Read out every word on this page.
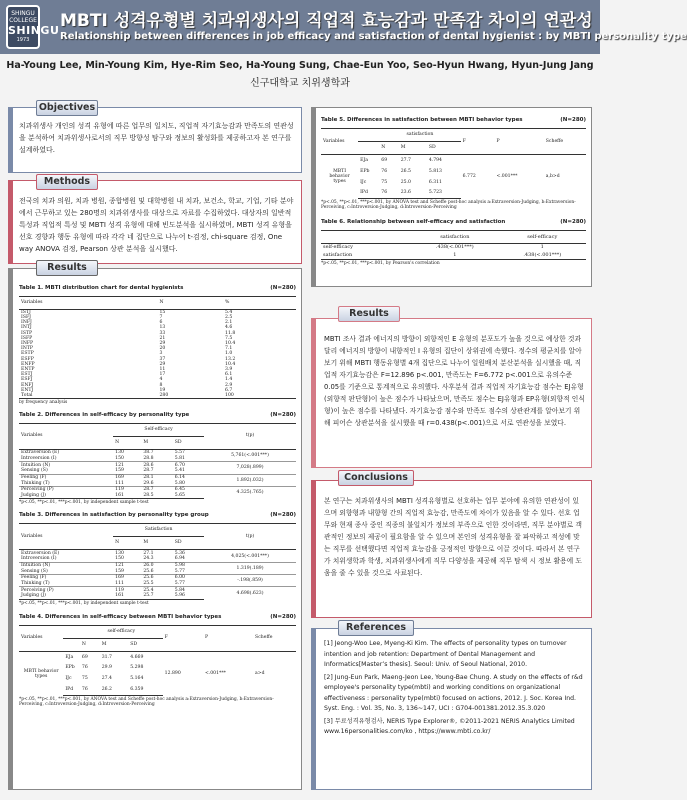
SHINGU COLLEGE
SHINGU
1973
MBTI 성격유형별 치과위생사의 직업적 효능감과 만족감 차이의 연관성
Relationship between differences in job efficacy and satisfaction of dental hygienist : by MBTI personality type
Ha-Young Lee, Min-Young Kim, Hye-Rim Seo, Ha-Young Sung, Chae-Eun Yoo, Seo-Hyun Hwang, Hyun-Jung Jang
신구대학교 치위생학과
치과위생사 개인의 성격 유형에 따른 업무의 일치도, 직업적 자기효능감과 만족도의 연관성을 분석하여 치과위생사로서의 직무 방향성 탐구와 정보의 활성화를 제공하고자 본 연구를 설계하였다.
Objectives
전국의 치과 의원, 치과 병원, 종합병원 및 대학병원 내 치과, 보건소, 학교, 기업, 기타 분야에서 근무하고 있는 280명의 치과위생사를 대상으로 자료를 수집하였다. 대상자의 일반적 특성과 직업적 특성 및 MBTI 성격 유형에 대해 빈도분석을 실시하였며, MBTI 성격 유형을 선호 경향과 행동 유형에 따라 각각 네 집단으로 나누어 t-검정, chi-square 검정, One way ANOVA 검정, Pearson 상관 분석을 실시했다.
Methods
Table 1. MBTI distribution chart for dental hygienists	(N=280)
Variables	N	%
ISTJ	15	5.4
ISFJ	7	2.5
INFJ	6	2.1
INTJ	13	4.6
ISTP	33	11.8
ISFP	21	7.5
INFP	29	10.4
INTP	20	7.1
ESTP	3	1.0
ESFP	37	13.2
ENFP	29	10.4
ENTP	11	3.9
ESTJ	17	6.1
ESFJ	4	1.4
ENFJ	8	2.9
ENTJ	19	6.7
Total	280	100
by frequency analysis
Table 2. Differences in self-efficacy by personality type	(N=280)
Variables	Self-efficacy			t(p)
	N	M	SD	
Extraversion (E)	130	38.7	5.57	5,761(<.001***)
Introversion (I)	150	28.8	5.81	
Intuition (N)	121	28.6	6.70	7,028(.899)
Sensing (S)	159	28.7	5.41	
Feeling (F)	169	28.1	6.14	1.892(.032)
Thinking (T)	111	29.6	5.80	
Perceiving (P)	119	28.7	6.45	4.325(.765)
Judging (J)	161	28.5	5.65	
*p<.05, **p<.01, ***p<.001, by independent sample t-test
Table 3. Differences in satisfaction by personality type group	(N=280)
Variables	Satisfaction			t(p)
	N	M	SD	
Extraversion (E)	130	27.1	5.36	4,025(<.001***)
Introversion (I)	150	24.3	6.94	
Intuition (N)	121	26.0	5.98	1.319(.189)
Sensing (S)	159	25.6	5.77	
Feeling (F)	169	25.6	6.00	-.198(.859)
Thinking (T)	111	25.5	5.77	
Perceiving (P)	119	25.4	5.84	4.698(.623)
Judging (J)	161	25.7	5.96	
*p<.05, **p<.01, ***p<.001, by independent sample t-test
Table 4. Differences in self-efficacy between MBTI behavior types	(N=280)
Variables		self-efficacy			F	P	Scheffe
		N	M	SD			
MBTI behavior types	EJa	69	31.7	4.669	12.890	<.001***	a>d
	EPb	76	29.9	5.298			
	IJc	75	27.4	5.164			
	IPd	76	26.2	6.359			
*p<.05, **p<.01, ***p<.001, by ANOVA test and Scheffe post-hoc analysis a:Extraversion-Judging, b:Extraversion-Perceiving, c:Introversion-Judging, d:Introversion-Perceiving
Results
Table 5. Differences in satisfaction between MBTI behavior types	(N=280)
Variables		satisfaction			F	P	Scheffe
		N	M	SD			
MBTI behavior types	EJa	69	27.7	4.794	6.772	<.001***	a,b>d
	EPb	76	26.5	5.813			
	IJc	75	25.0	6.311			
	IPd	76	23.6	5.723			
*p<.05, **p<.01, ***p<.001, by ANOVA test and Scheffe post-hoc analysis a:Extraversion-Judging, b:Extraversion-Perceiving, c:Introversion-Judging, d:Introversion-Perceiving
Table 6. Relationship between self-efficacy and satisfaction	(N=280)
	satisfaction	self-efficacy
self-efficacy	.438(<.001***)	1
satisfaction	1	.438(<.001***)
*p<.05, **p<.01, ***p<.001, by Pearson's correlation
MBTI 조사 결과 에너지의 방향이 외향적인 E 유형의 분포도가 높을 것으로 예상한 것과 달리 에너지의 방향이 내향적인 I 유형의 집단이 상위권에 속했다. 정수의 평균치를 알아보기 위해 MBTI 행동유형별 4개 집단으로 나누어 일원배치 분산분석을 실시했을 때, 직업적 자기효능감은 F=12.896 p<.001, 만족도는 F=6.772 p<.001으로 유의수준 0.05를 기준으로 통계적으로 유의했다. 사후분석 결과 직업적 자기효능감 점수는 EJ유형(외향적 판단형)이 높은 점수가 나타났으며, 만족도 점수는 EJ유형과 EP유형(외향적 인식형)이 높은 점수를 나타냈다. 자기효능감 점수와 만족도 점수의 상관관계를 알아보기 위해 피어슨 상관분석을 실시했을 때 r=0.438(p<.001)으로 서로 연관성을 보였다.
Results
본 연구는 치과위생사의 MBTI 성격유형별로 선호하는 업무 분야에 유의한 연관성이 있으며 외향형과 내향형 간의 직업적 효능감, 만족도에 차이가 있음을 알 수 있다. 선호 업무와 현재 종사 중인 직종의 불일치가 정보의 부족으로 인한 것이라면, 직무 분야별로 객관적인 정보의 제공이 필요함을 알 수 있으며 본인의 성격유형을 잘 파악하고 적성에 맞는 직무를 선택했다면 직업적 효능감을 긍정적인 방향으로 이끌 것이다. 따라서 본 연구가 치위생학과 학생, 치과위생사에게 직무 다양성을 제공해 직무 탐색 시 정보 활용에 도움을 줄 수 있을 것으로 사료된다.
Conclusions
[1] Jeong-Woo Lee, Myeng-Ki Kim. The effects of personality types on turnover intention and job retention: Department of Dental Management and Informatics[Master’s thesis]. Seoul: Univ. of Seoul National, 2010.
[2] Jung-Eun Park, Maeng-Jeon Lee, Young-Bae Chung. A study on the effects of r&d employee's personality type(mbti) and working conditions on organizational effectiveness : personality type(mbti) focused on actions, 2012. J. Soc. Korea Ind. Syst. Eng. : Vol. 35, No. 3, 136~147, UCI : G704-001381.2012.35.3.020
[3] 무료성격유형검사, NERIS Type Explorer®, ©2011-2021 NERIS Analytics Limited www.16personalities.com/ko , https://www.mbti.co.kr/
References
